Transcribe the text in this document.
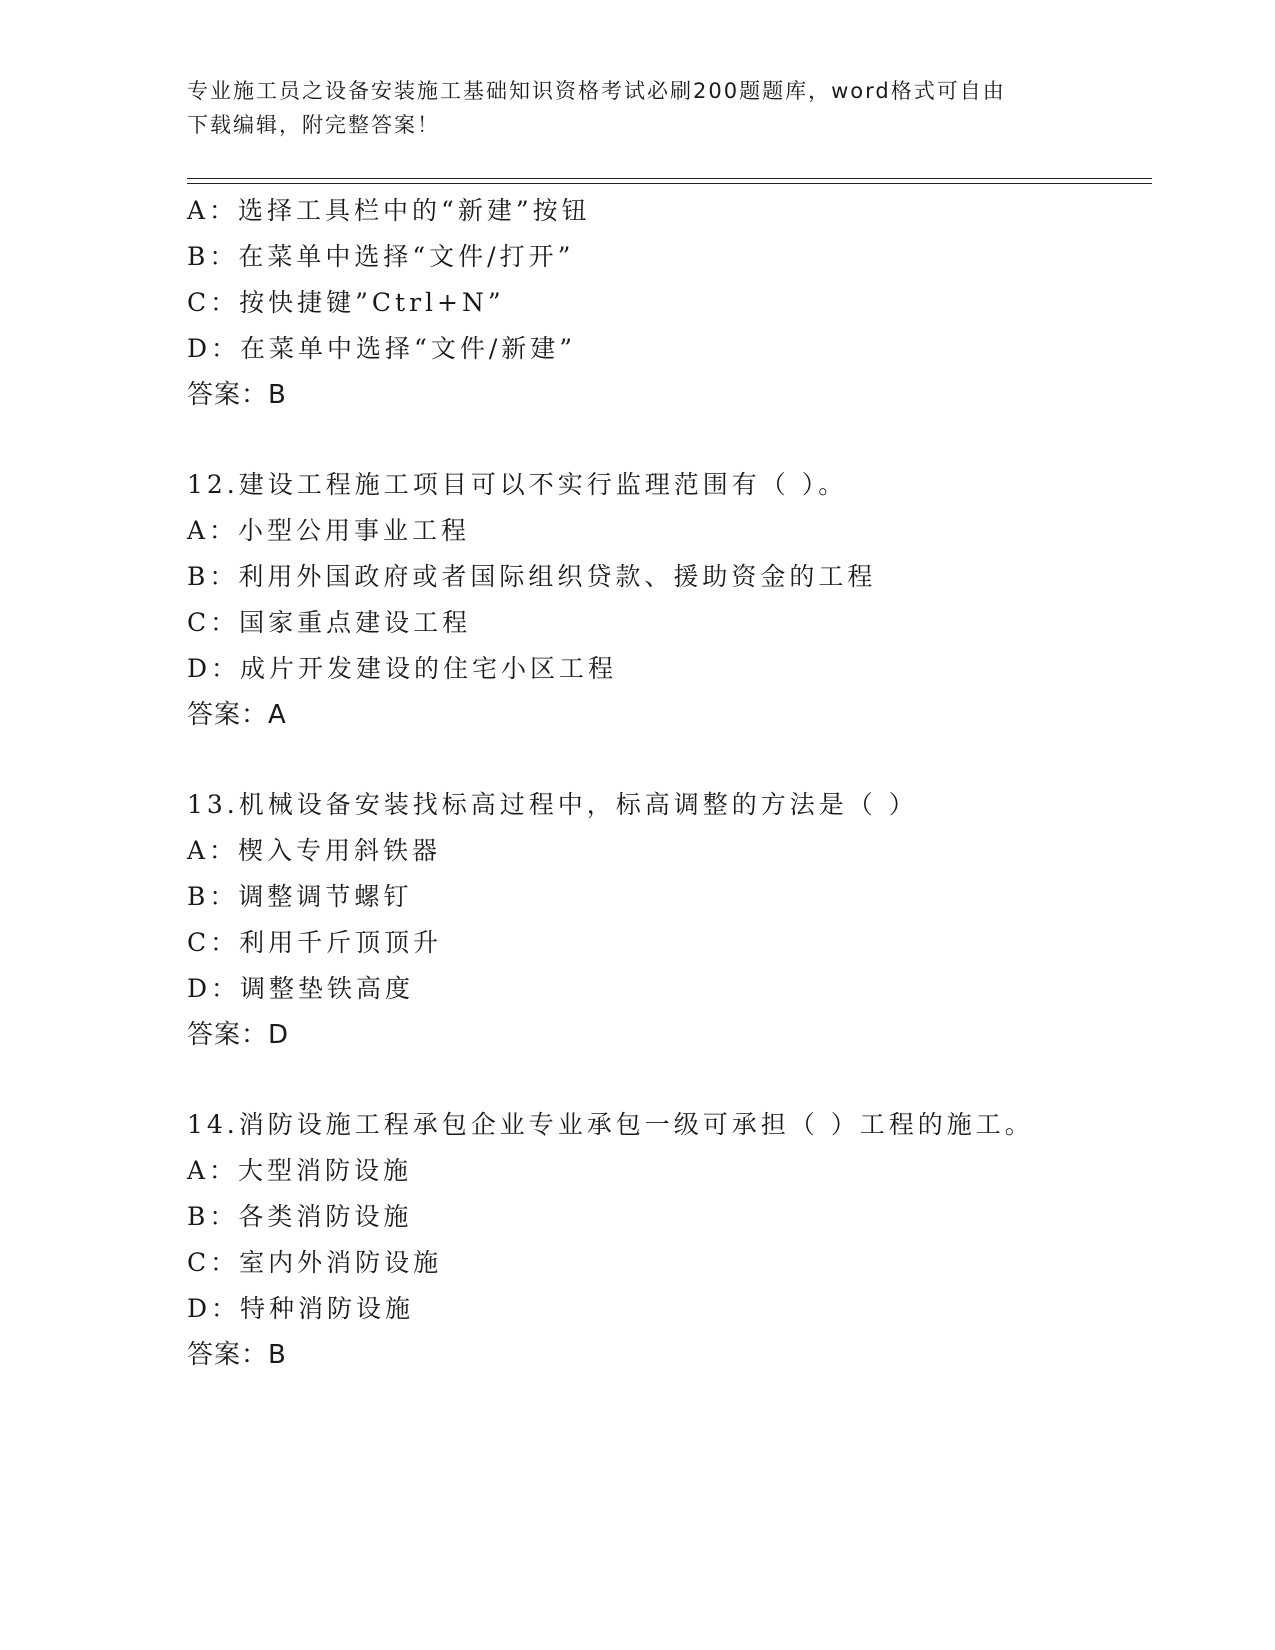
专业施工员之设备安装施工基础知识资格考试必刷200题题库，word格式可自由
下载编辑，附完整答案！
A：选择工具栏中的“新建”按钮
B：在菜单中选择“文件/打开”
C：按快捷键”Ctrl+N”
D：在菜单中选择“文件/新建”
答案：B
12.建设工程施工项目可以不实行监理范围有（ ）。
A：小型公用事业工程
B：利用外国政府或者国际组织贷款、援助资金的工程
C：国家重点建设工程
D：成片开发建设的住宅小区工程
答案：A
13.机械设备安装找标高过程中，标高调整的方法是（ ）
A：楔入专用斜铁器
B：调整调节螺钉
C：利用千斤顶顶升
D：调整垫铁高度
答案：D
14.消防设施工程承包企业专业承包一级可承担（ ）工程的施工。
A：大型消防设施
B：各类消防设施
C：室内外消防设施
D：特种消防设施
答案：B
